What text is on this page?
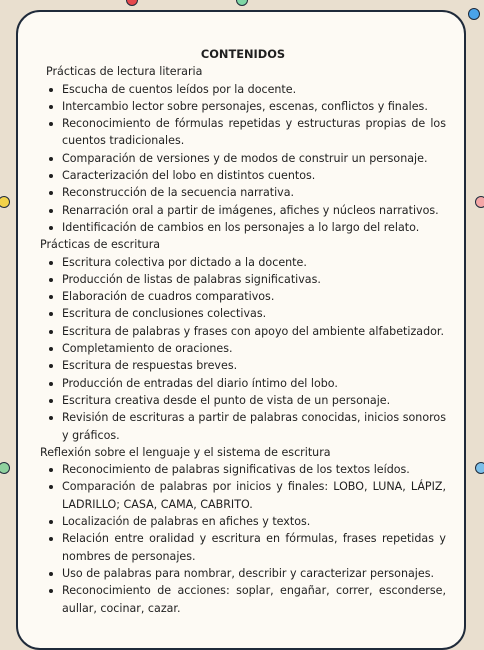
CONTENIDOS
Prácticas de lectura literaria
Escucha de cuentos leídos por la docente.
Intercambio lector sobre personajes, escenas, conflictos y finales.
Reconocimiento de fórmulas repetidas y estructuras propias de los cuentos tradicionales.
Comparación de versiones y de modos de construir un personaje.
Caracterización del lobo en distintos cuentos.
Reconstrucción de la secuencia narrativa.
Renarración oral a partir de imágenes, afiches y núcleos narrativos.
Identificación de cambios en los personajes a lo largo del relato.
Prácticas de escritura
Escritura colectiva por dictado a la docente.
Producción de listas de palabras significativas.
Elaboración de cuadros comparativos.
Escritura de conclusiones colectivas.
Escritura de palabras y frases con apoyo del ambiente alfabetizador.
Completamiento de oraciones.
Escritura de respuestas breves.
Producción de entradas del diario íntimo del lobo.
Escritura creativa desde el punto de vista de un personaje.
Revisión de escrituras a partir de palabras conocidas, inicios sonoros y gráficos.
Reflexión sobre el lenguaje y el sistema de escritura
Reconocimiento de palabras significativas de los textos leídos.
Comparación de palabras por inicios y finales: LOBO, LUNA, LÁPIZ, LADRILLO; CASA, CAMA, CABRITO.
Localización de palabras en afiches y textos.
Relación entre oralidad y escritura en fórmulas, frases repetidas y nombres de personajes.
Uso de palabras para nombrar, describir y caracterizar personajes.
Reconocimiento de acciones: soplar, engañar, correr, esconderse, aullar, cocinar, cazar.
